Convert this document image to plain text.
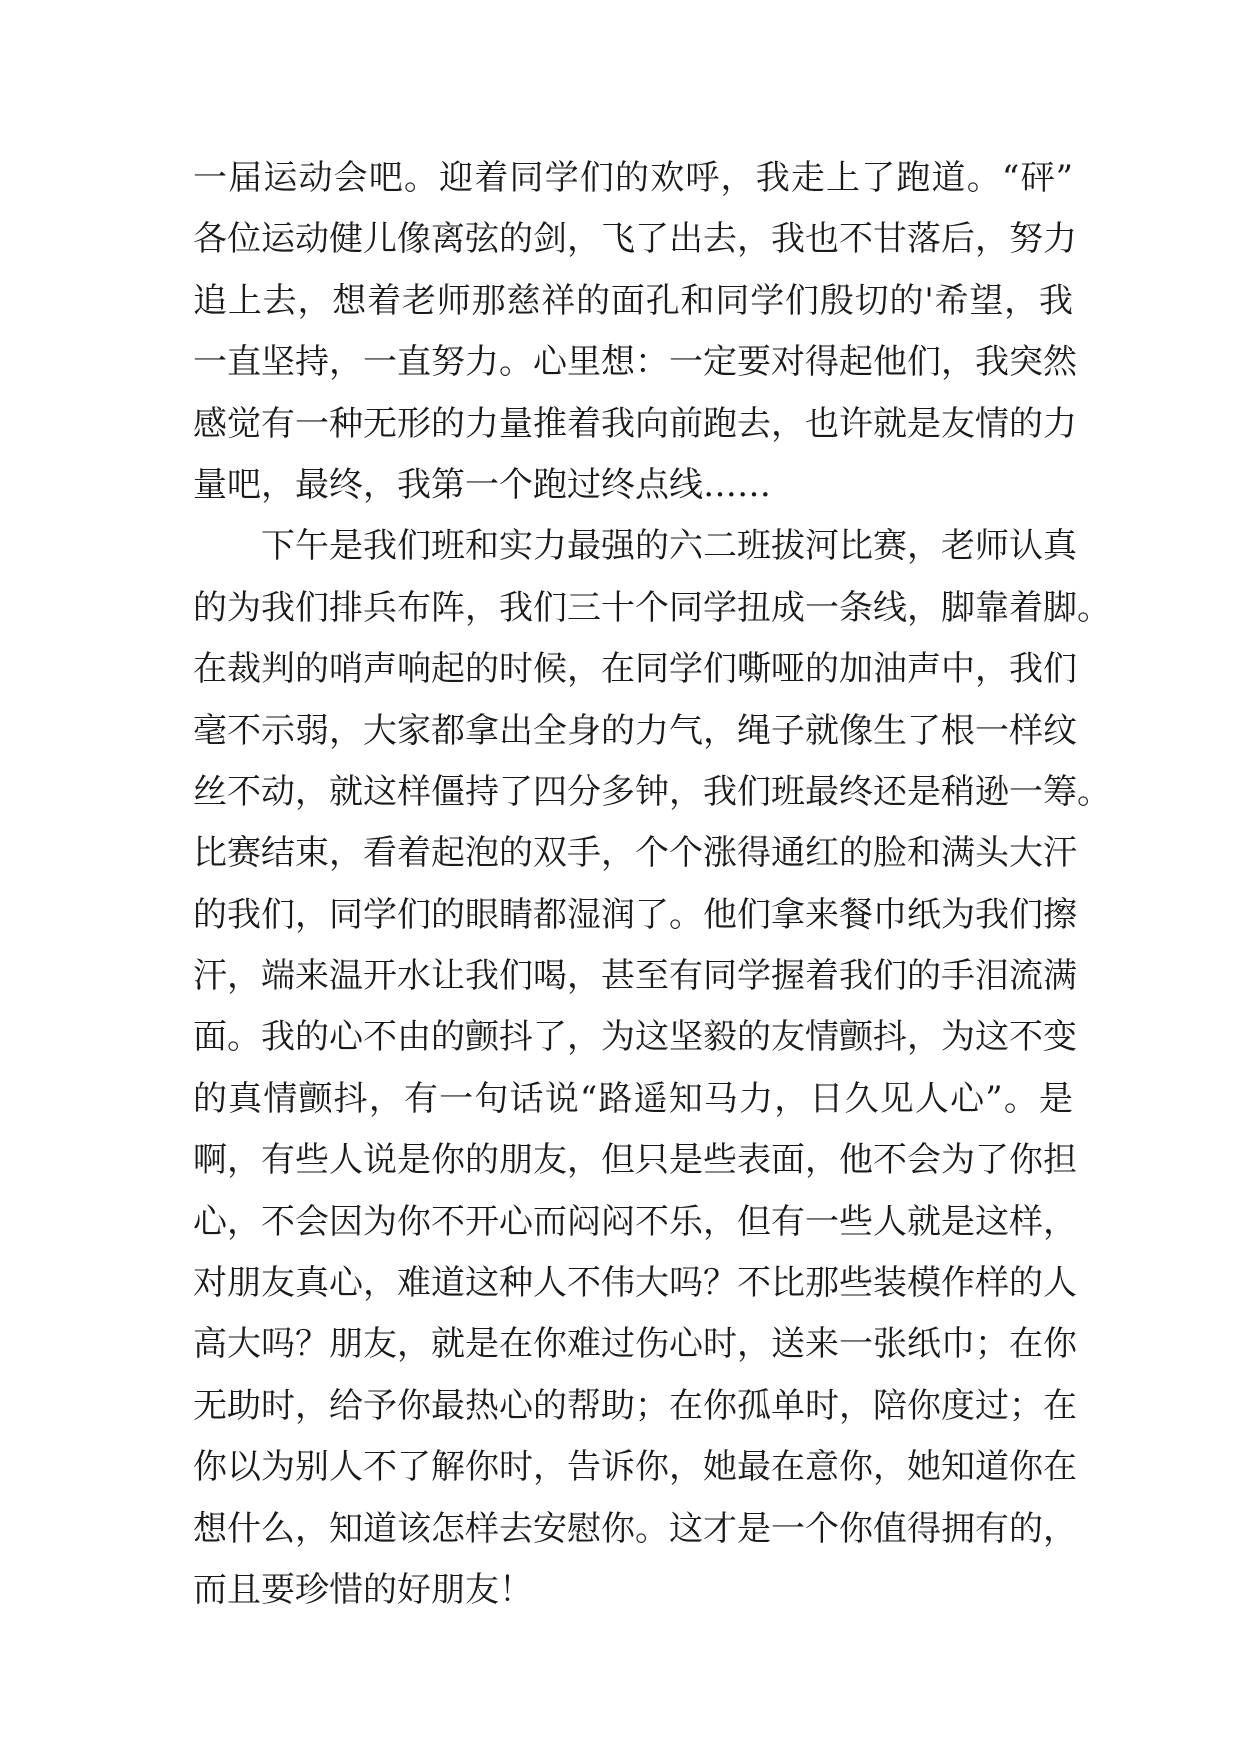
一届运动会吧。迎着同学们的欢呼，我走上了跑道。“砰”
各位运动健儿像离弦的剑，飞了出去，我也不甘落后，努力
追上去，想着老师那慈祥的面孔和同学们殷切的'希望，我
一直坚持，一直努力。心里想：一定要对得起他们，我突然
感觉有一种无形的力量推着我向前跑去，也许就是友情的力
量吧，最终，我第一个跑过终点线……
下午是我们班和实力最强的六二班拔河比赛，老师认真
的为我们排兵布阵，我们三十个同学扭成一条线，脚靠着脚。
在裁判的哨声响起的时候，在同学们嘶哑的加油声中，我们
毫不示弱，大家都拿出全身的力气，绳子就像生了根一样纹
丝不动，就这样僵持了四分多钟，我们班最终还是稍逊一筹。
比赛结束，看着起泡的双手，个个涨得通红的脸和满头大汗
的我们，同学们的眼睛都湿润了。他们拿来餐巾纸为我们擦
汗，端来温开水让我们喝，甚至有同学握着我们的手泪流满
面。我的心不由的颤抖了，为这坚毅的友情颤抖，为这不变
的真情颤抖，有一句话说“路遥知马力，日久见人心”。是
啊，有些人说是你的朋友，但只是些表面，他不会为了你担
心，不会因为你不开心而闷闷不乐，但有一些人就是这样，
对朋友真心，难道这种人不伟大吗？不比那些装模作样的人
高大吗？朋友，就是在你难过伤心时，送来一张纸巾；在你
无助时，给予你最热心的帮助；在你孤单时，陪你度过；在
你以为别人不了解你时，告诉你，她最在意你，她知道你在
想什么，知道该怎样去安慰你。这才是一个你值得拥有的，
而且要珍惜的好朋友！
